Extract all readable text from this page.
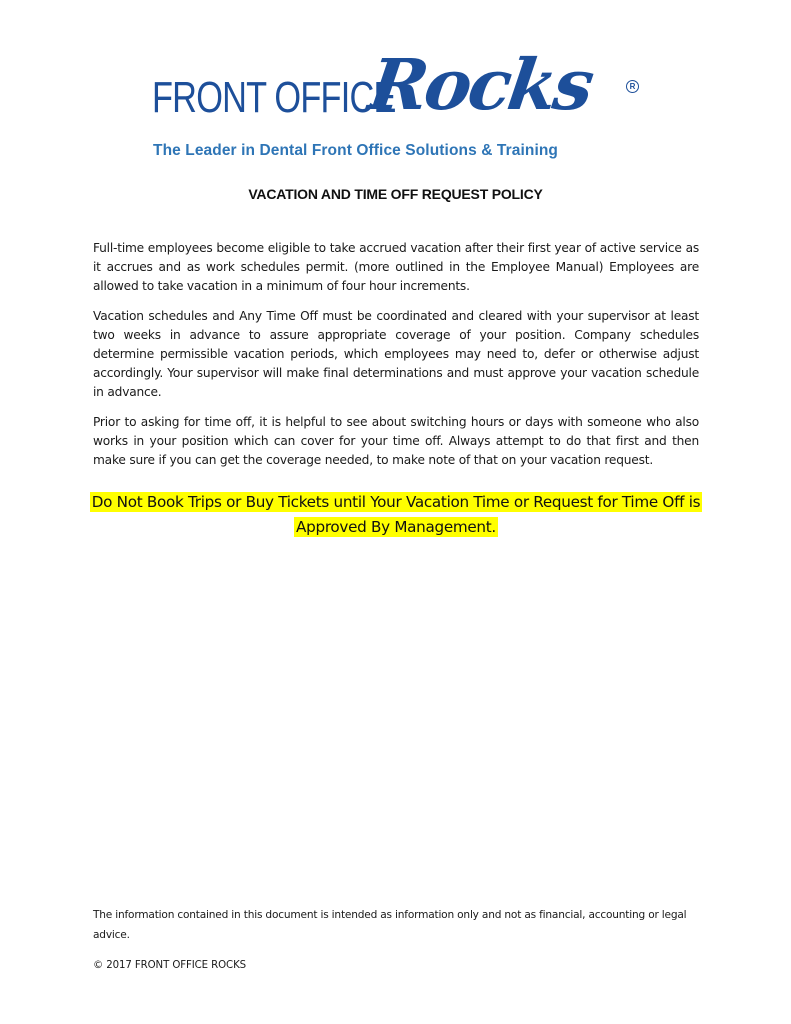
FRONT OFFICE
Rocks	R
The Leader in Dental Front Office Solutions & Training
VACATION AND TIME OFF REQUEST POLICY

Full-time employees become eligible to take accrued vacation after their first year of active service as it accrues and as work schedules permit. (more outlined in the Employee Manual) Employees are allowed to take vacation in a minimum of four hour increments.

Vacation schedules and Any Time Off must be coordinated and cleared with your supervisor at least two weeks in advance to assure appropriate coverage of your position. Company schedules determine permissible vacation periods, which employees may need to, defer or otherwise adjust accordingly. Your supervisor will make final determinations and must approve your vacation schedule in advance.

Prior to asking for time off, it is helpful to see about switching hours or days with someone who also works in your position which can cover for your time off. Always attempt to do that first and then make sure if you can get the coverage needed, to make note of that on your vacation request.

Do Not Book Trips or Buy Tickets until Your Vacation Time or Request for Time Off is Approved By Management.
The information contained in this document is intended as information only and not as financial, accounting or legal advice.
© 2017 FRONT OFFICE ROCKS
